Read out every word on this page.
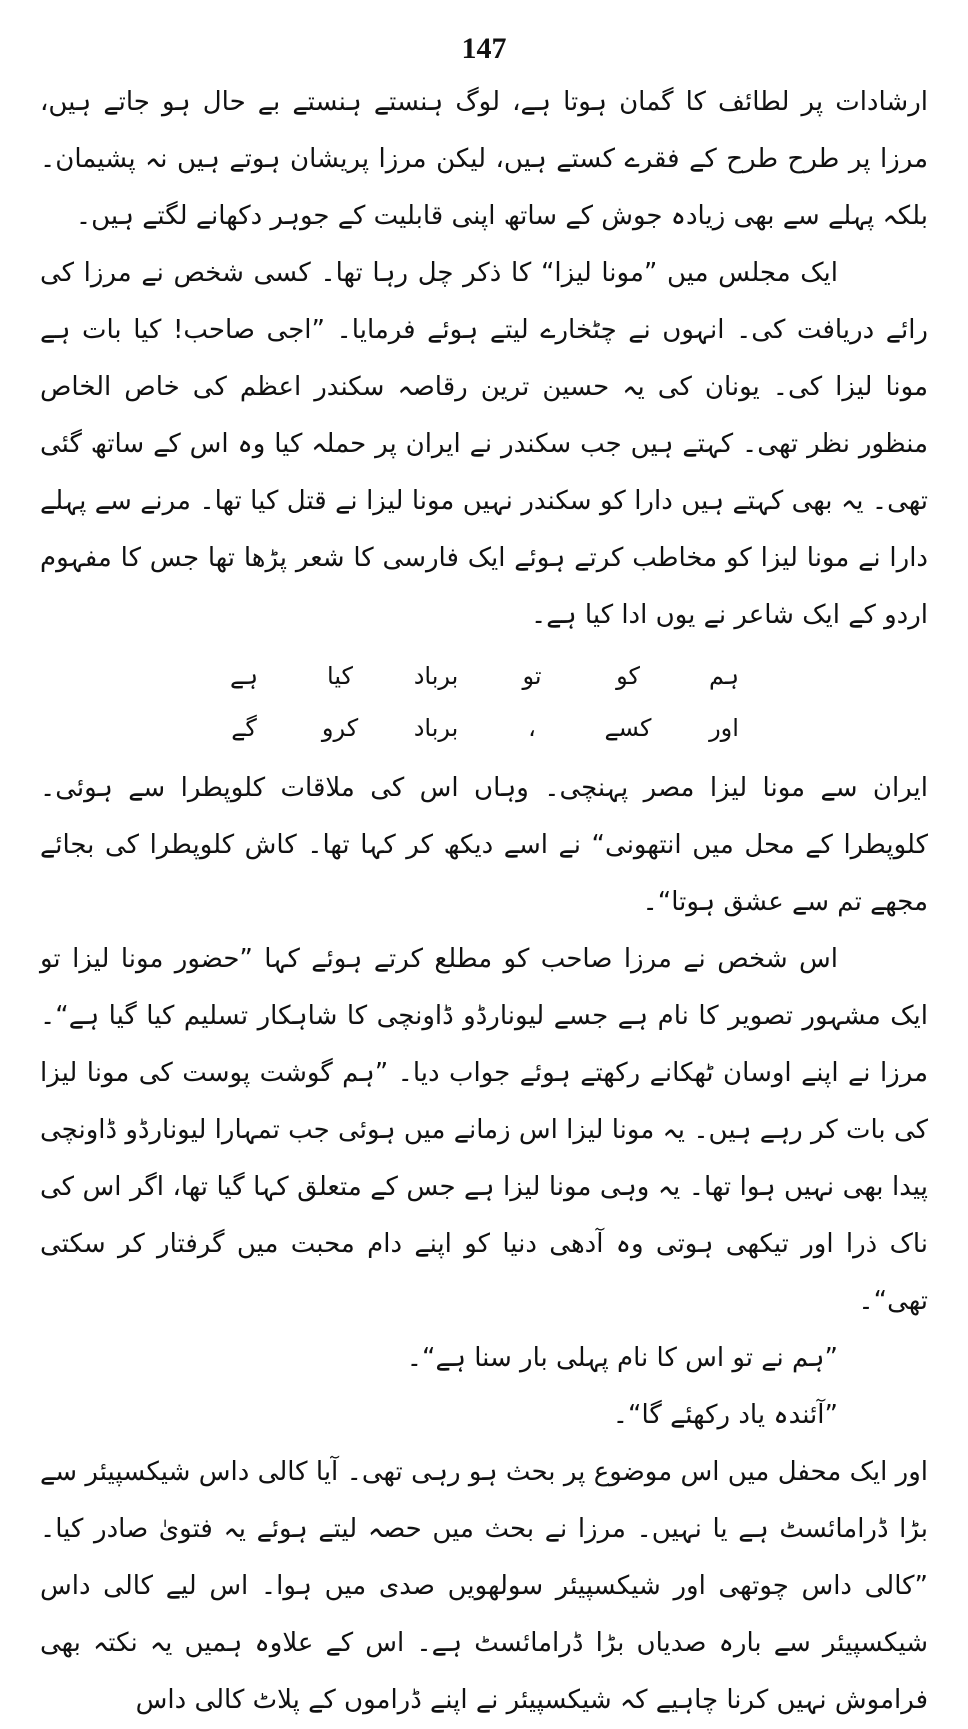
147

ارشادات پر لطائف کا گمان ہوتا ہے، لوگ ہنستے ہنستے بے حال ہو جاتے ہیں، مرزا پر طرح طرح کے فقرے کستے ہیں، لیکن مرزا پریشان ہوتے ہیں نہ پشیمان۔ بلکہ پہلے سے بھی زیادہ جوش کے ساتھ اپنی قابلیت کے جوہر دکھانے لگتے ہیں۔

ایک مجلس میں ”مونا لیزا“ کا ذکر چل رہا تھا۔ کسی شخص نے مرزا کی رائے دریافت کی۔ انہوں نے چٹخارے لیتے ہوئے فرمایا۔ ”اجی صاحب! کیا بات ہے مونا لیزا کی۔ یونان کی یہ حسین ترین رقاصہ سکندر اعظم کی خاص الخاص منظور نظر تھی۔ کہتے ہیں جب سکندر نے ایران پر حملہ کیا وہ اس کے ساتھ گئی تھی۔ یہ بھی کہتے ہیں دارا کو سکندر نہیں مونا لیزا نے قتل کیا تھا۔ مرنے سے پہلے دارا نے مونا لیزا کو مخاطب کرتے ہوئے ایک فارسی کا شعر پڑھا تھا جس کا مفہوم اردو کے ایک شاعر نے یوں ادا کیا ہے۔

ہم
کو
تو
برباد
کیا
ہے
اور
کسے
،
برباد
کرو
گے

ایران سے مونا لیزا مصر پہنچی۔ وہاں اس کی ملاقات کلوپطرا سے ہوئی۔ کلوپطرا کے محل میں انتھونی“ نے اسے دیکھ کر کہا تھا۔ کاش کلوپطرا کی بجائے مجھے تم سے عشق ہوتا“۔

اس شخص نے مرزا صاحب کو مطلع کرتے ہوئے کہا ”حضور مونا لیزا تو ایک مشہور تصویر کا نام ہے جسے لیونارڈو ڈاونچی کا شاہکار تسلیم کیا گیا ہے“۔ مرزا نے اپنے اوسان ٹھکانے رکھتے ہوئے جواب دیا۔ ”ہم گوشت پوست کی مونا لیزا کی بات کر رہے ہیں۔ یہ مونا لیزا اس زمانے میں ہوئی جب تمہارا لیونارڈو ڈاونچی پیدا بھی نہیں ہوا تھا۔ یہ وہی مونا لیزا ہے جس کے متعلق کہا گیا تھا، اگر اس کی ناک ذرا اور تیکھی ہوتی وہ آدھی دنیا کو اپنے دام محبت میں گرفتار کر سکتی تھی“۔

”ہم نے تو اس کا نام پہلی بار سنا ہے“۔

”آئندہ یاد رکھئے گا“۔

اور ایک محفل میں اس موضوع پر بحث ہو رہی تھی۔ آیا کالی داس شیکسپیئر سے بڑا ڈرامائسٹ ہے یا نہیں۔ مرزا نے بحث میں حصہ لیتے ہوئے یہ فتویٰ صادر کیا۔ ”کالی داس چوتھی اور شیکسپیئر سولھویں صدی میں ہوا۔ اس لیے کالی داس شیکسپیئر سے بارہ صدیاں بڑا ڈرامائسٹ ہے۔ اس کے علاوہ ہمیں یہ نکتہ بھی فراموش نہیں کرنا چاہیے کہ شیکسپیئر نے اپنے ڈراموں کے پلاٹ کالی داس
